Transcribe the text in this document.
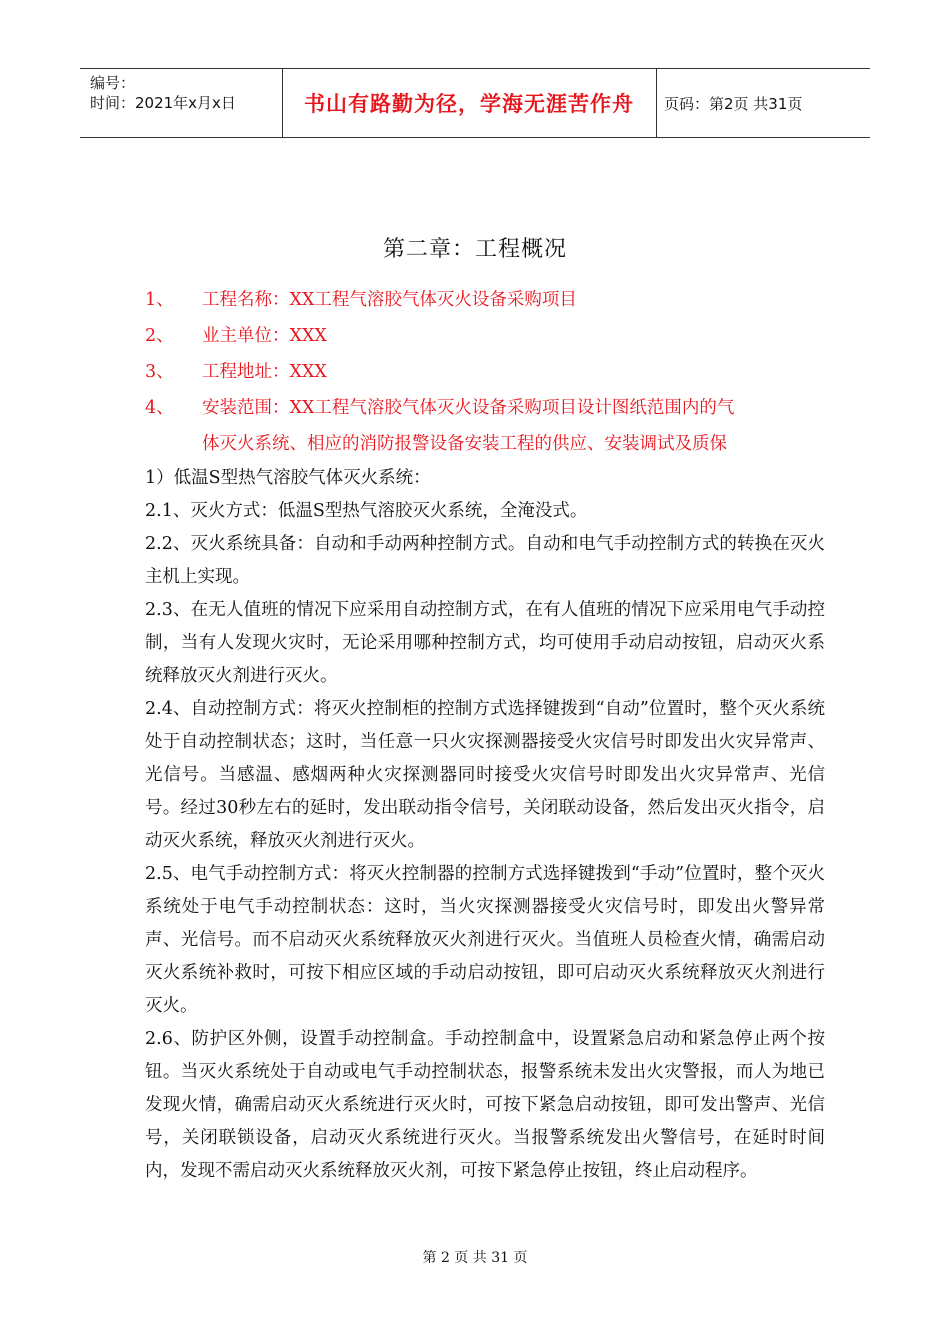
编号：
时间：2021年x月x日	书山有路勤为径，学海无涯苦作舟	页码：第2页 共31页
第二章：工程概况
1、 工程名称：XX工程气溶胶气体灭火设备采购项目
2、 业主单位：XXX
3、 工程地址：XXX
4、 安装范围：XX工程气溶胶气体灭火设备采购项目设计图纸范围内的气
体灭火系统、相应的消防报警设备安装工程的供应、安装调试及质保

1）低温S型热气溶胶气体灭火系统：

2.1、灭火方式：低温S型热气溶胶灭火系统，全淹没式。

2.2、灭火系统具备：自动和手动两种控制方式。自动和电气手动控制方式的转换在灭火主机上实现。

2.3、在无人值班的情况下应采用自动控制方式，在有人值班的情况下应采用电气手动控制，当有人发现火灾时，无论采用哪种控制方式，均可使用手动启动按钮，启动灭火系统释放灭火剂进行灭火。

2.4、自动控制方式：将灭火控制柜的控制方式选择键拨到“自动”位置时，整个灭火系统处于自动控制状态；这时，当任意一只火灾探测器接受火灾信号时即发出火灾异常声、光信号。当感温、感烟两种火灾探测器同时接受火灾信号时即发出火灾异常声、光信号。经过30秒左右的延时，发出联动指令信号，关闭联动设备，然后发出灭火指令，启动灭火系统，释放灭火剂进行灭火。

2.5、电气手动控制方式：将灭火控制器的控制方式选择键拨到“手动”位置时，整个灭火系统处于电气手动控制状态：这时，当火灾探测器接受火灾信号时，即发出火警异常声、光信号。而不启动灭火系统释放灭火剂进行灭火。当值班人员检查火情，确需启动灭火系统补救时，可按下相应区域的手动启动按钮，即可启动灭火系统释放灭火剂进行灭火。

2.6、防护区外侧，设置手动控制盒。手动控制盒中，设置紧急启动和紧急停止两个按钮。当灭火系统处于自动或电气手动控制状态，报警系统未发出火灾警报，而人为地已发现火情，确需启动灭火系统进行灭火时，可按下紧急启动按钮，即可发出警声、光信号，关闭联锁设备，启动灭火系统进行灭火。当报警系统发出火警信号，在延时时间内，发现不需启动灭火系统释放灭火剂，可按下紧急停止按钮，终止启动程序。

第 2 页 共 31 页
